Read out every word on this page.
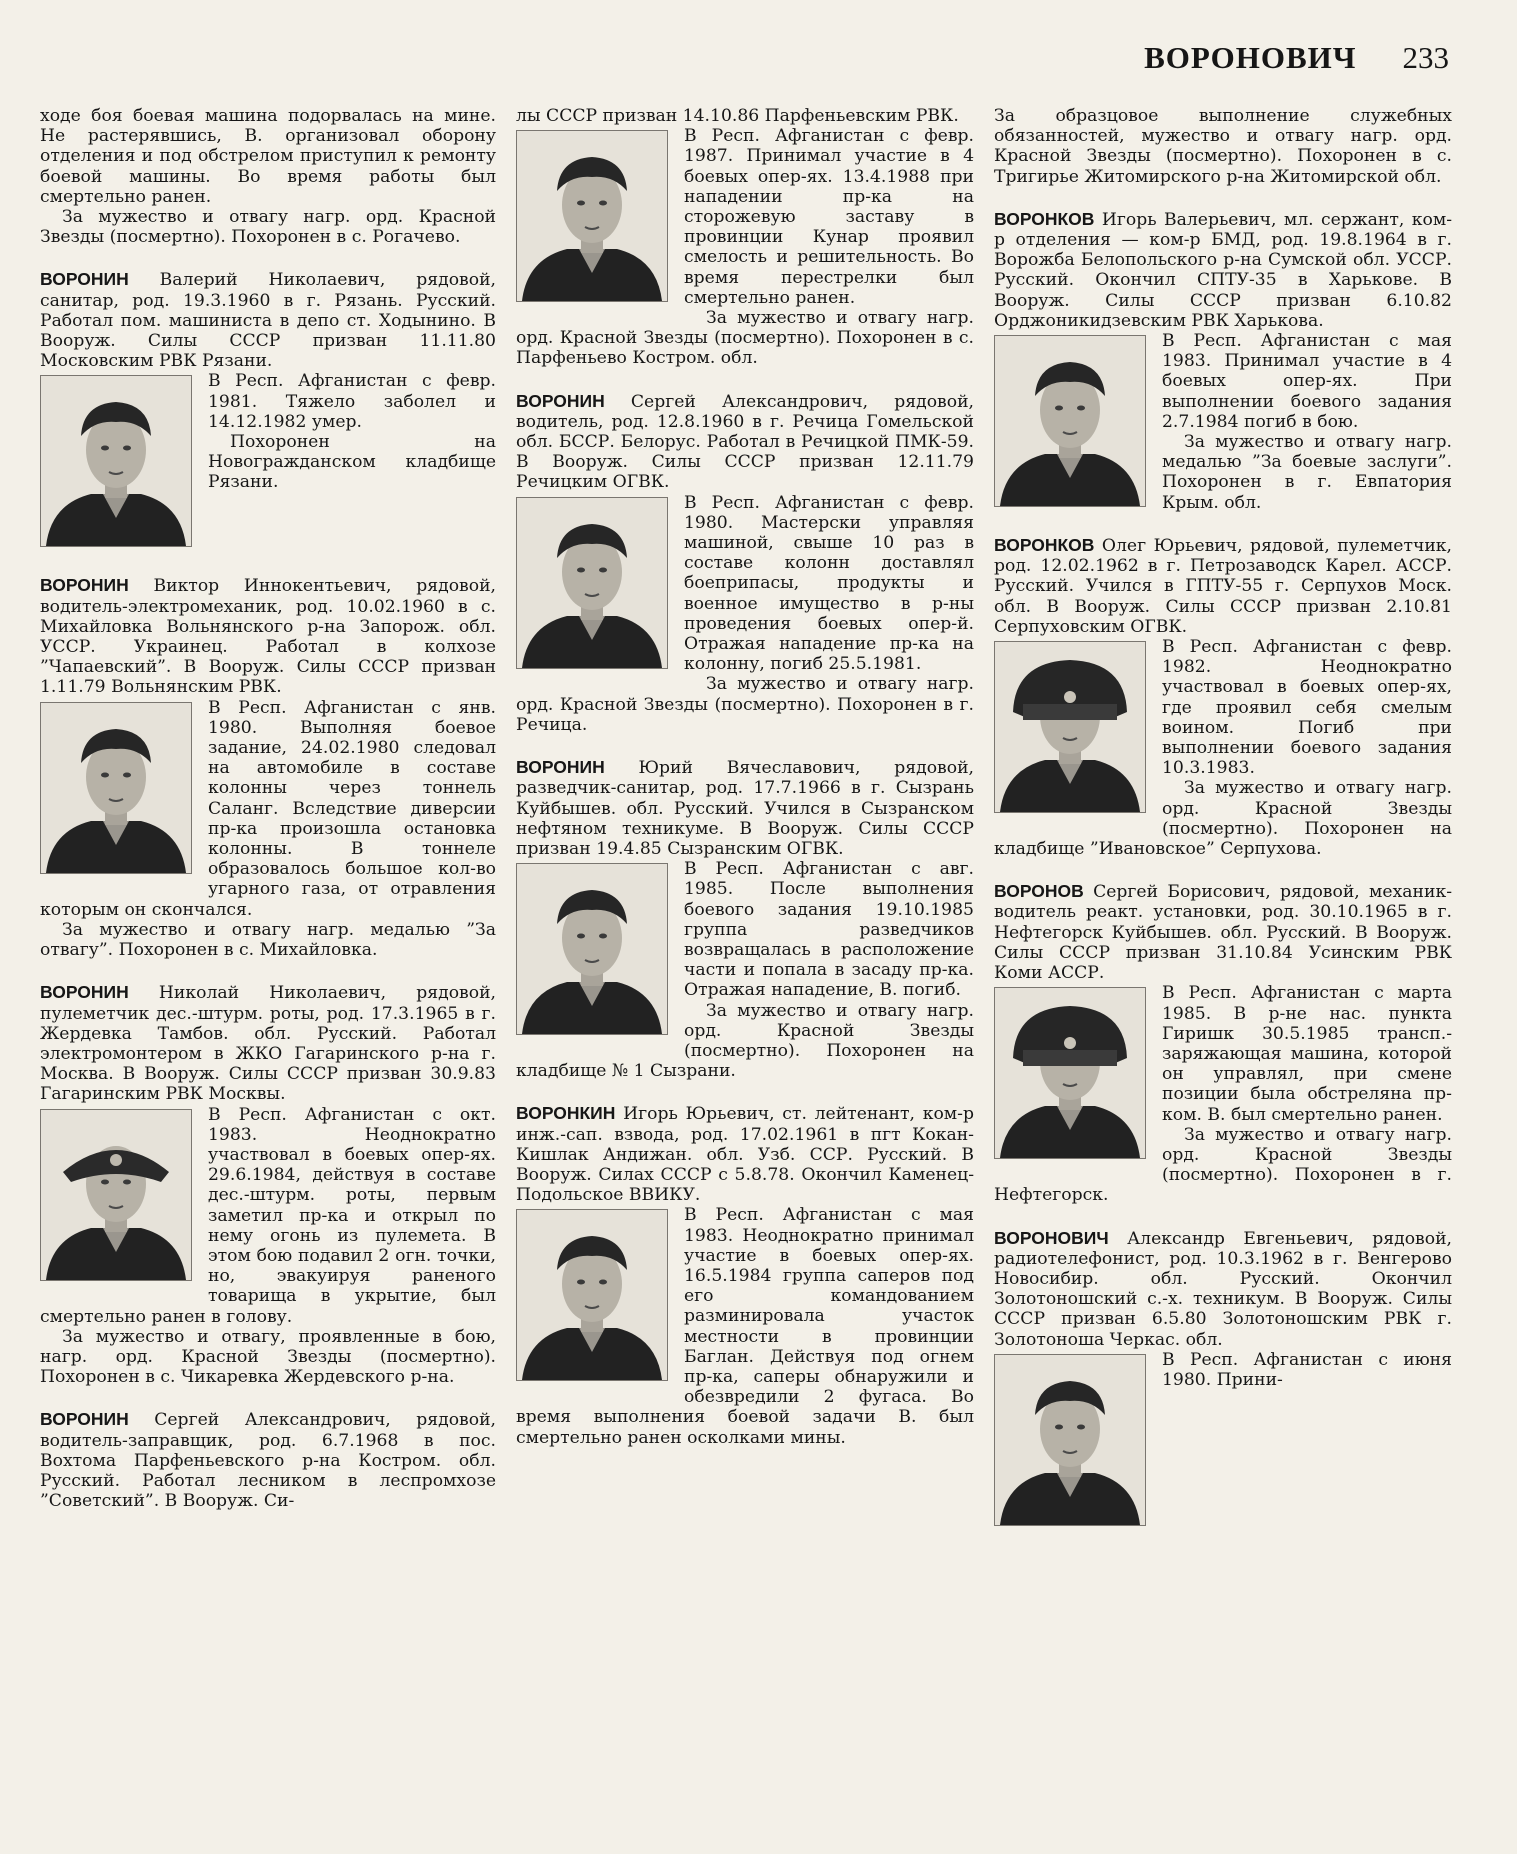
ВОРОНОВИЧ 233

ходе боя боевая машина подорвалась на мине. Не растерявшись, В. организовал оборону отделения и под обстрелом приступил к ремонту боевой машины. Во время работы был смертельно ранен.

За мужество и отвагу нагр. орд. Красной Звезды (посмертно). Похоронен в с. Рогачево.

ВОРОНИН Валерий Николаевич, рядовой, санитар, род. 19.3.1960 в г. Рязань. Русский. Работал пом. машиниста в депо ст. Ходынино. В Вооруж. Силы СССР призван 11.11.80 Московским РВК Рязани.

В Респ. Афганистан с февр. 1981. Тяжело заболел и 14.12.1982 умер.

Похоронен на Новогражданском кладбище Рязани.

ВОРОНИН Виктор Иннокентьевич, рядовой, водитель-электромеханик, род. 10.02.1960 в с. Михайловка Вольнянского р-на Запорож. обл. УССР. Украинец. Работал в колхозе ”Чапаевский”. В Вооруж. Силы СССР призван 1.11.79 Вольнянским РВК.

В Респ. Афганистан с янв. 1980. Выполняя боевое задание, 24.02.1980 следовал на автомобиле в составе колонны через тоннель Саланг. Вследствие диверсии пр-ка произошла остановка колонны. В тоннеле образовалось большое кол-во угарного газа, от отравления которым он скончался.

За мужество и отвагу нагр. медалью ”За отвагу”. Похоронен в с. Михайловка.

ВОРОНИН Николай Николаевич, рядовой, пулеметчик дес.-штурм. роты, род. 17.3.1965 в г. Жердевка Тамбов. обл. Русский. Работал электромонтером в ЖКО Гагаринского р-на г. Москва. В Вооруж. Силы СССР призван 30.9.83 Гагаринским РВК Москвы.

В Респ. Афганистан с окт. 1983. Неоднократно участвовал в боевых опер-ях. 29.6.1984, действуя в составе дес.-штурм. роты, первым заметил пр-ка и открыл по нему огонь из пулемета. В этом бою подавил 2 огн. точки, но, эвакуируя раненого товарища в укрытие, был смертельно ранен в голову.

За мужество и отвагу, проявленные в бою, нагр. орд. Красной Звезды (посмертно). Похоронен в с. Чикаревка Жердевского р-на.

ВОРОНИН Сергей Александрович, рядовой, водитель-заправщик, род. 6.7.1968 в пос. Вохтома Парфеньевского р-на Костром. обл. Русский. Работал лесником в леспромхозе ”Советский”. В Вооруж. Си-

лы СССР призван 14.10.86 Парфеньевским РВК.

В Респ. Афганистан с февр. 1987. Принимал участие в 4 боевых опер-ях. 13.4.1988 при нападении пр-ка на сторожевую заставу в провинции Кунар проявил смелость и решительность. Во время перестрелки был смертельно ранен.

За мужество и отвагу нагр. орд. Красной Звезды (посмертно). Похоронен в с. Парфеньево Костром. обл.

ВОРОНИН Сергей Александрович, рядовой, водитель, род. 12.8.1960 в г. Речица Гомельской обл. БССР. Белорус. Работал в Речицкой ПМК-59. В Вооруж. Силы СССР призван 12.11.79 Речицким ОГВК.

В Респ. Афганистан с февр. 1980. Мастерски управляя машиной, свыше 10 раз в составе колонн доставлял боеприпасы, продукты и военное имущество в р-ны проведения боевых опер-й. Отражая нападение пр-ка на колонну, погиб 25.5.1981.

За мужество и отвагу нагр. орд. Красной Звезды (посмертно). Похоронен в г. Речица.

ВОРОНИН Юрий Вячеславович, рядовой, разведчик-санитар, род. 17.7.1966 в г. Сызрань Куйбышев. обл. Русский. Учился в Сызранском нефтяном техникуме. В Вооруж. Силы СССР призван 19.4.85 Сызранским ОГВК.

В Респ. Афганистан с авг. 1985. После выполнения боевого задания 19.10.1985 группа разведчиков возвращалась в расположение части и попала в засаду пр-ка. Отражая нападение, В. погиб.

За мужество и отвагу нагр. орд. Красной Звезды (посмертно). Похоронен на кладбище № 1 Сызрани.

ВОРОНКИН Игорь Юрьевич, ст. лейтенант, ком-р инж.-сап. взвода, род. 17.02.1961 в пгт Кокан-Кишлак Андижан. обл. Узб. ССР. Русский. В Вооруж. Силах СССР с 5.8.78. Окончил Каменец-Подольское ВВИКУ.

В Респ. Афганистан с мая 1983. Неоднократно принимал участие в боевых опер-ях. 16.5.1984 группа саперов под его командованием разминировала участок местности в провинции Баглан. Действуя под огнем пр-ка, саперы обнаружили и обезвредили 2 фугаса. Во время выполнения боевой задачи В. был смертельно ранен осколками мины.

За образцовое выполнение служебных обязанностей, мужество и отвагу нагр. орд. Красной Звезды (посмертно). Похоронен в с. Тригирье Житомирского р-на Житомирской обл.

ВОРОНКОВ Игорь Валерьевич, мл. сержант, ком-р отделения — ком-р БМД, род. 19.8.1964 в г. Ворожба Белопольского р-на Сумской обл. УССР. Русский. Окончил СПТУ-35 в Харькове. В Вооруж. Силы СССР призван 6.10.82 Орджоникидзевским РВК Харькова.

В Респ. Афганистан с мая 1983. Принимал участие в 4 боевых опер-ях. При выполнении боевого задания 2.7.1984 погиб в бою.

За мужество и отвагу нагр. медалью ”За боевые заслуги”. Похоронен в г. Евпатория Крым. обл.

ВОРОНКОВ Олег Юрьевич, рядовой, пулеметчик, род. 12.02.1962 в г. Петрозаводск Карел. АССР. Русский. Учился в ГПТУ-55 г. Серпухов Моск. обл. В Вооруж. Силы СССР призван 2.10.81 Серпуховским ОГВК.

В Респ. Афганистан с февр. 1982. Неоднократно участвовал в боевых опер-ях, где проявил себя смелым воином. Погиб при выполнении боевого задания 10.3.1983.

За мужество и отвагу нагр. орд. Красной Звезды (посмертно). Похоронен на кладбище ”Ивановское” Серпухова.

ВОРОНОВ Сергей Борисович, рядовой, механик-водитель реакт. установки, род. 30.10.1965 в г. Нефтегорск Куйбышев. обл. Русский. В Вооруж. Силы СССР призван 31.10.84 Усинским РВК Коми АССР.

В Респ. Афганистан с марта 1985. В р-не нас. пункта Гиришк 30.5.1985 трансп.-заряжающая машина, которой он управлял, при смене позиции была обстреляна пр-ком. В. был смертельно ранен.

За мужество и отвагу нагр. орд. Красной Звезды (посмертно). Похоронен в г. Нефтегорск.

ВОРОНОВИЧ Александр Евгеньевич, рядовой, радиотелефонист, род. 10.3.1962 в г. Венгерово Новосибир. обл. Русский. Окончил Золотоношский с.-х. техникум. В Вооруж. Силы СССР призван 6.5.80 Золотоношским РВК г. Золотоноша Черкас. обл.

В Респ. Афганистан с июня 1980. Прини-
